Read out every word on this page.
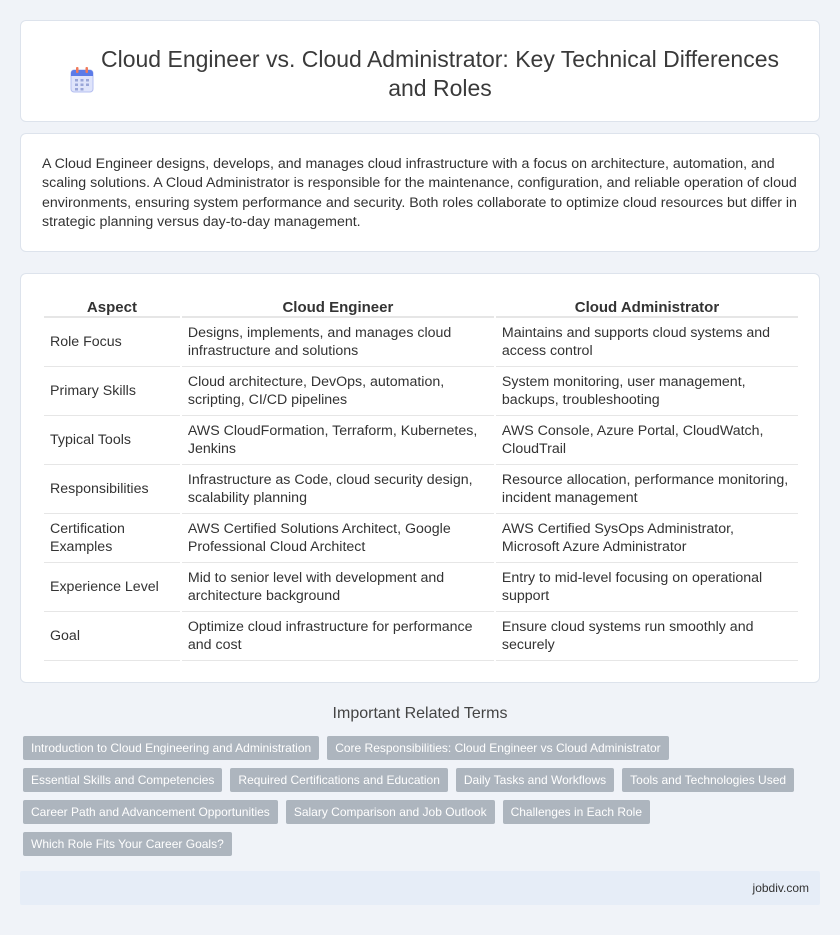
Cloud Engineer vs. Cloud Administrator: Key Technical Differences and Roles

A Cloud Engineer designs, develops, and manages cloud infrastructure with a focus on architecture, automation, and scaling solutions. A Cloud Administrator is responsible for the maintenance, configuration, and reliable operation of cloud environments, ensuring system performance and security. Both roles collaborate to optimize cloud resources but differ in strategic planning versus day-to-day management.

Aspect	Cloud Engineer	Cloud Administrator
Role Focus	Designs, implements, and manages cloud infrastructure and solutions	Maintains and supports cloud systems and access control
Primary Skills	Cloud architecture, DevOps, automation, scripting, CI/CD pipelines	System monitoring, user management, backups, troubleshooting
Typical Tools	AWS CloudFormation, Terraform, Kubernetes, Jenkins	AWS Console, Azure Portal, CloudWatch, CloudTrail
Responsibilities	Infrastructure as Code, cloud security design, scalability planning	Resource allocation, performance monitoring, incident management
Certification Examples	AWS Certified Solutions Architect, Google Professional Cloud Architect	AWS Certified SysOps Administrator, Microsoft Azure Administrator
Experience Level	Mid to senior level with development and architecture background	Entry to mid-level focusing on operational support
Goal	Optimize cloud infrastructure for performance and cost	Ensure cloud systems run smoothly and securely
Important Related Terms
Introduction to Cloud Engineering and Administration	Core Responsibilities: Cloud Engineer vs Cloud Administrator
Essential Skills and Competencies	Required Certifications and Education	Daily Tasks and Workflows	Tools and Technologies Used
Career Path and Advancement Opportunities	Salary Comparison and Job Outlook	Challenges in Each Role
Which Role Fits Your Career Goals?
jobdiv.com
